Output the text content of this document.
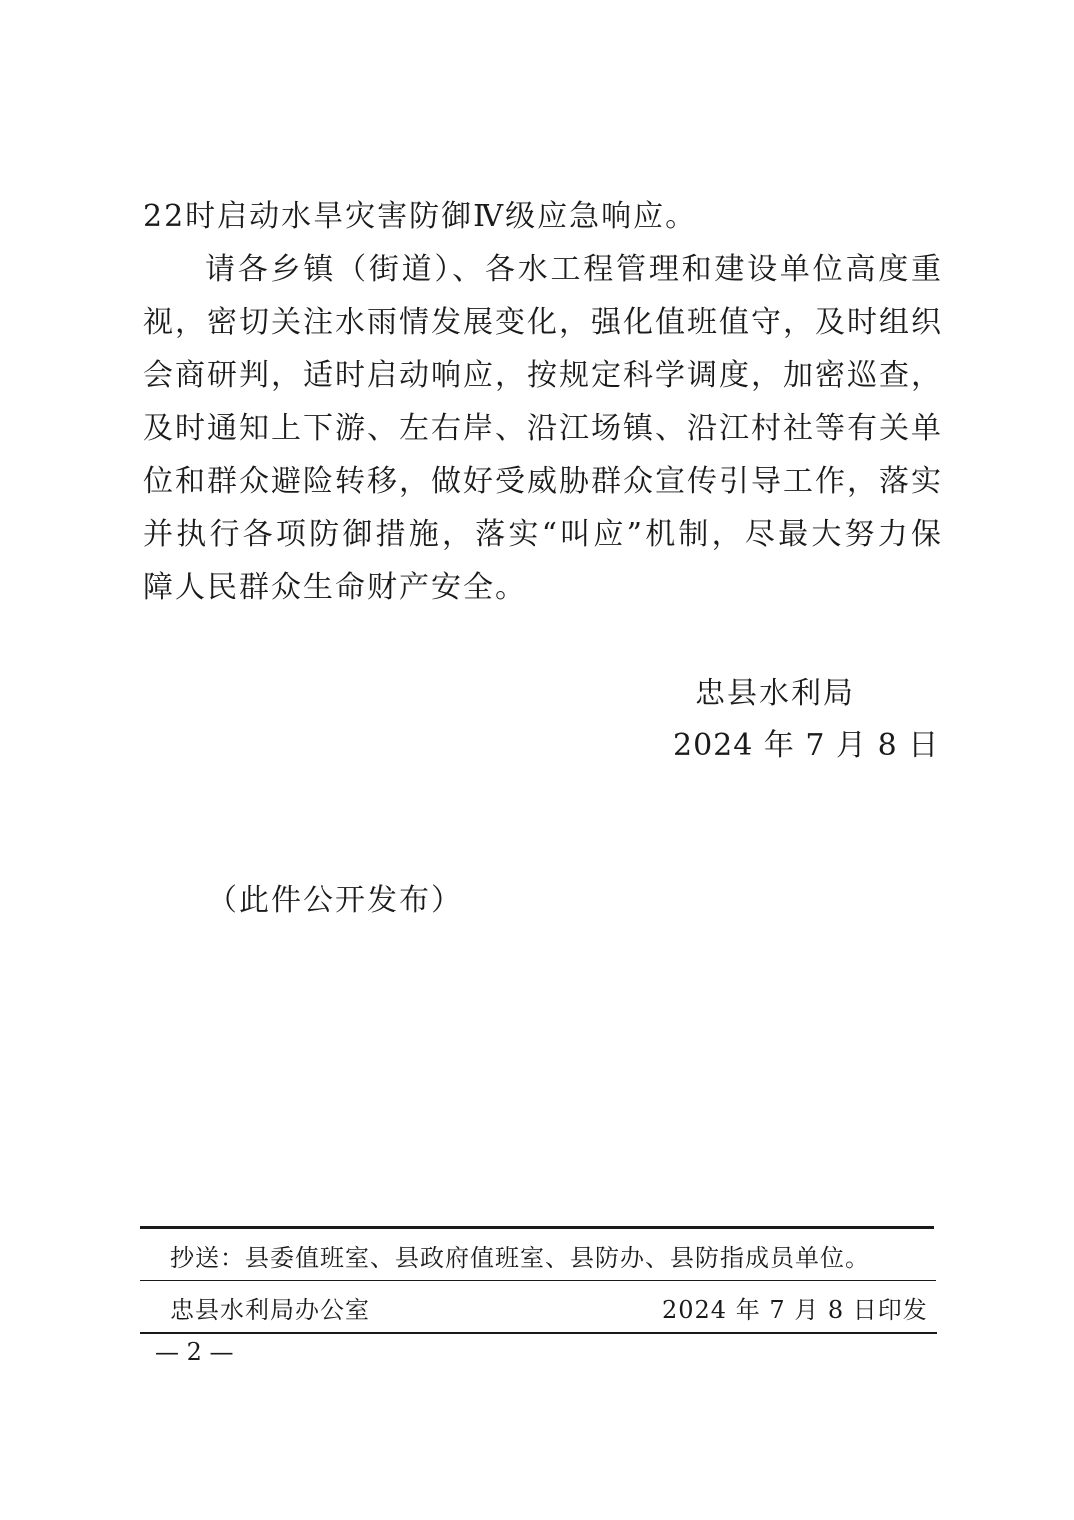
22时启动水旱灾害防御Ⅳ级应急响应。

请各乡镇（街道）、各水工程管理和建设单位高度重视，密切关注水雨情发展变化，强化值班值守，及时组织会商研判，适时启动响应，按规定科学调度，加密巡查，及时通知上下游、左右岸、沿江场镇、沿江村社等有关单位和群众避险转移，做好受威胁群众宣传引导工作，落实并执行各项防御措施，落实“叫应”机制，尽最大努力保障人民群众生命财产安全。

忠县水利局
2024 年 7 月 8 日
（此件公开发布）
抄送：县委值班室、县政府值班室、县防办、县防指成员单位。
忠县水利局办公室	2024 年 7 月 8 日印发
— 2 —
